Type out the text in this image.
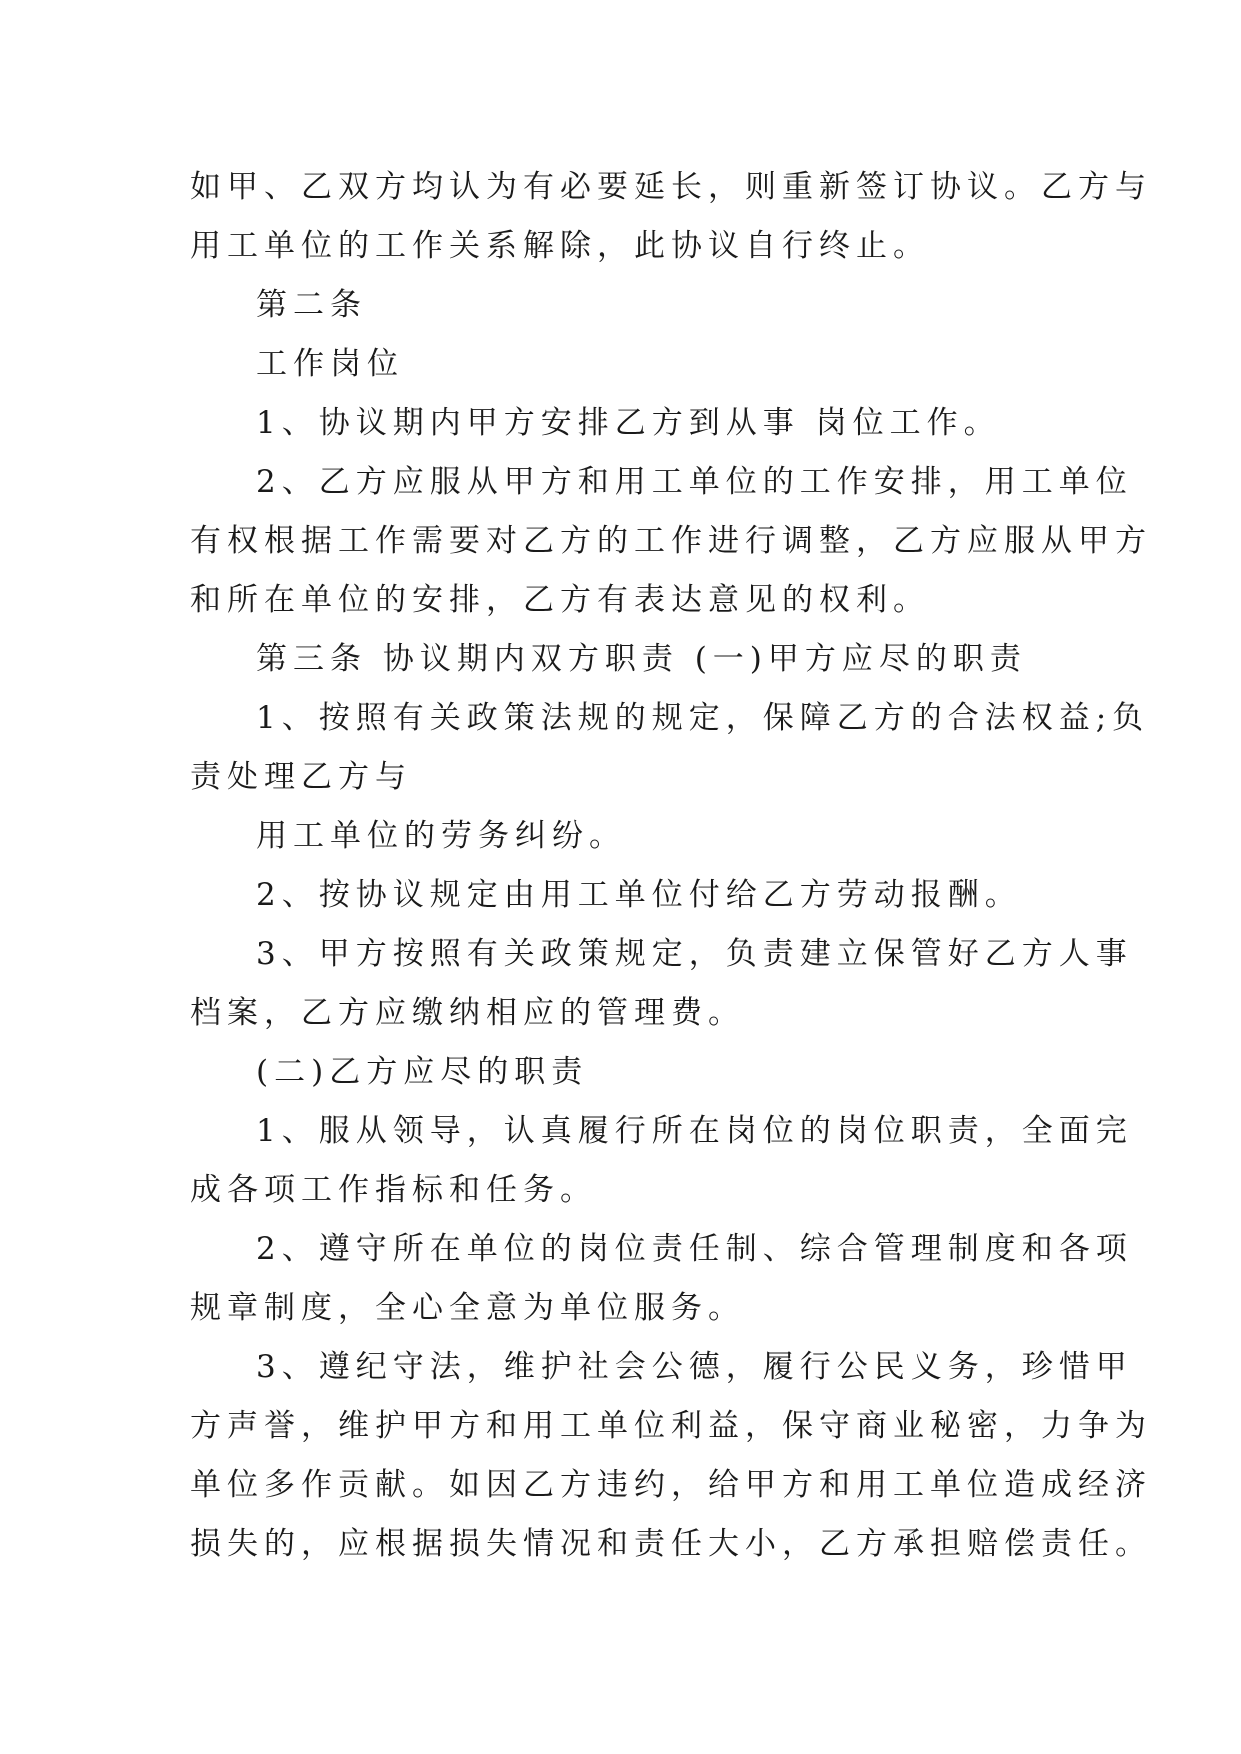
如甲、乙双方均认为有必要延长，则重新签订协议。乙方与
用工单位的工作关系解除，此协议自行终止。
第二条
工作岗位
1、协议期内甲方安排乙方到从事 岗位工作。
2、乙方应服从甲方和用工单位的工作安排，用工单位
有权根据工作需要对乙方的工作进行调整，乙方应服从甲方
和所在单位的安排，乙方有表达意见的权利。
第三条 协议期内双方职责 (一)甲方应尽的职责
1、按照有关政策法规的规定，保障乙方的合法权益;负
责处理乙方与
用工单位的劳务纠纷。
2、按协议规定由用工单位付给乙方劳动报酬。
3、甲方按照有关政策规定，负责建立保管好乙方人事
档案，乙方应缴纳相应的管理费。
(二)乙方应尽的职责
1、服从领导，认真履行所在岗位的岗位职责，全面完
成各项工作指标和任务。
2、遵守所在单位的岗位责任制、综合管理制度和各项
规章制度，全心全意为单位服务。
3、遵纪守法，维护社会公德，履行公民义务，珍惜甲
方声誉，维护甲方和用工单位利益，保守商业秘密，力争为
单位多作贡献。如因乙方违约，给甲方和用工单位造成经济
损失的，应根据损失情况和责任大小，乙方承担赔偿责任。
